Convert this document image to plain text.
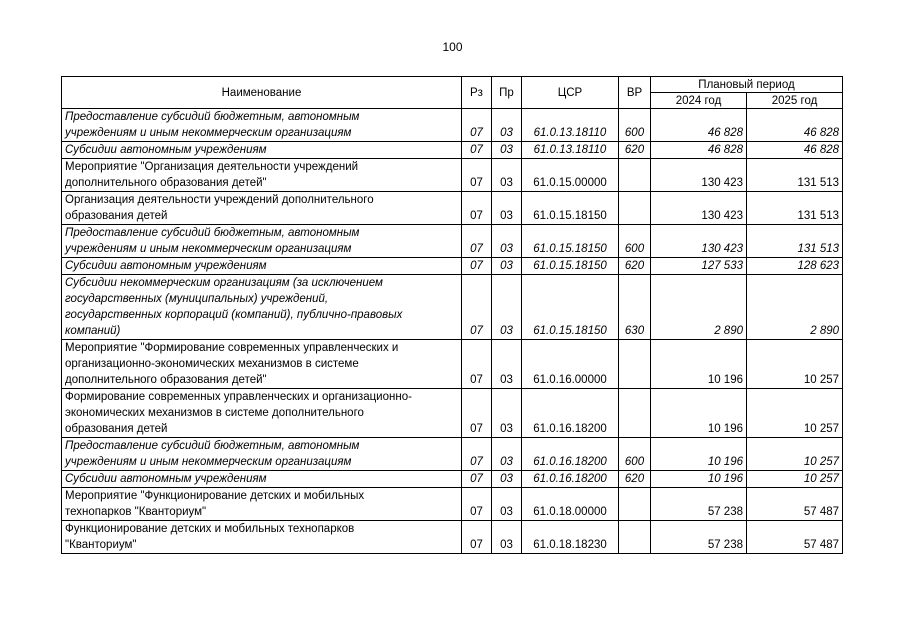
100
Наименование	Рз	Пр	ЦСР	ВР	Плановый период	
					2024 год	2025 год

Предоставление субсидий бюджетным, автономным
учреждениям и иным некоммерческим организациям	07	03	61.0.13.18110	600	46 828	46 828

Субсидии автономным учреждениям	07	03	61.0.13.18110	620	46 828	46 828

Мероприятие "Организация деятельности учреждений
дополнительного образования детей"	07	03	61.0.15.00000		130 423	131 513

Организация деятельности учреждений дополнительного
образования детей	07	03	61.0.15.18150		130 423	131 513

Предоставление субсидий бюджетным, автономным
учреждениям и иным некоммерческим организациям	07	03	61.0.15.18150	600	130 423	131 513

Субсидии автономным учреждениям	07	03	61.0.15.18150	620	127 533	128 623

Субсидии некоммерческим организациям (за исключением
государственных (муниципальных) учреждений,
государственных корпораций (компаний), публично-правовых
компаний)	07	03	61.0.15.18150	630	2 890	2 890

Мероприятие "Формирование современных управленческих и
организационно-экономических механизмов в системе
дополнительного образования детей"	07	03	61.0.16.00000		10 196	10 257

Формирование современных управленческих и организационно-
экономических механизмов в системе дополнительного
образования детей	07	03	61.0.16.18200		10 196	10 257

Предоставление субсидий бюджетным, автономным
учреждениям и иным некоммерческим организациям	07	03	61.0.16.18200	600	10 196	10 257

Субсидии автономным учреждениям	07	03	61.0.16.18200	620	10 196	10 257

Мероприятие "Функционирование детских и мобильных
технопарков "Кванториум"	07	03	61.0.18.00000		57 238	57 487

Функционирование детских и мобильных технопарков
"Кванториум"	07	03	61.0.18.18230		57 238	57 487
